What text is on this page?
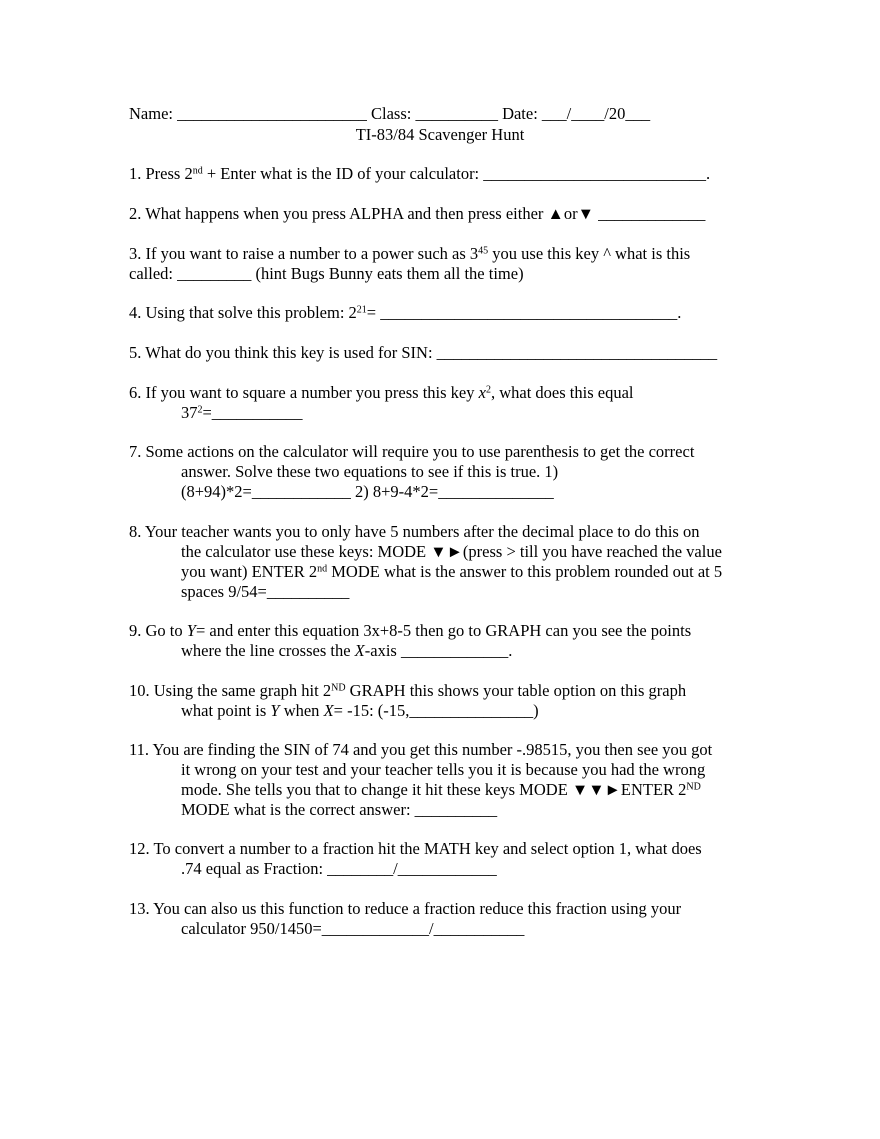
Name: _______________________ Class: __________ Date: ___/____/20___
TI-83/84 Scavenger Hunt
1. Press 2nd + Enter what is the ID of your calculator: ___________________________.
2. What happens when you press ALPHA and then press either ▲or▼ _____________
3. If you want to raise a number to a power such as $3^{45}$ you use this key ^ what is this
called: _________ (hint Bugs Bunny eats them all the time)
4. Using that solve this problem: $2^{21}=$ ____________________________________.
5. What do you think this key is used for SIN: __________________________________
6. If you want to square a number you press this key $x^2$, what does this equal
$37^2=\_\_\_\_\_\_\_\_\_\_\_$
7. Some actions on the calculator will require you to use parenthesis to get the correct
answer. Solve these two equations to see if this is true. 1)
(8+94)*2=____________ 2) 8+9-4*2=______________
8. Your teacher wants you to only have 5 numbers after the decimal place to do this on
the calculator use these keys: MODE ▼►(press > till you have reached the value
you want) ENTER 2nd MODE what is the answer to this problem rounded out at 5
spaces 9/54=__________
9. Go to Y= and enter this equation 3x+8-5 then go to GRAPH can you see the points
where the line crosses the X-axis _____________.
10. Using the same graph hit 2ND GRAPH this shows your table option on this graph
what point is Y when X= -15: (-15,_______________)
11. You are finding the SIN of 74 and you get this number -.98515, you then see you got
it wrong on your test and your teacher tells you it is because you had the wrong
mode. She tells you that to change it hit these keys MODE ▼▼►ENTER 2ND
MODE what is the correct answer: __________
12. To convert a number to a fraction hit the MATH key and select option 1, what does
.74 equal as Fraction: ________/____________
13. You can also us this function to reduce a fraction reduce this fraction using your
calculator 950/1450=_____________/___________
